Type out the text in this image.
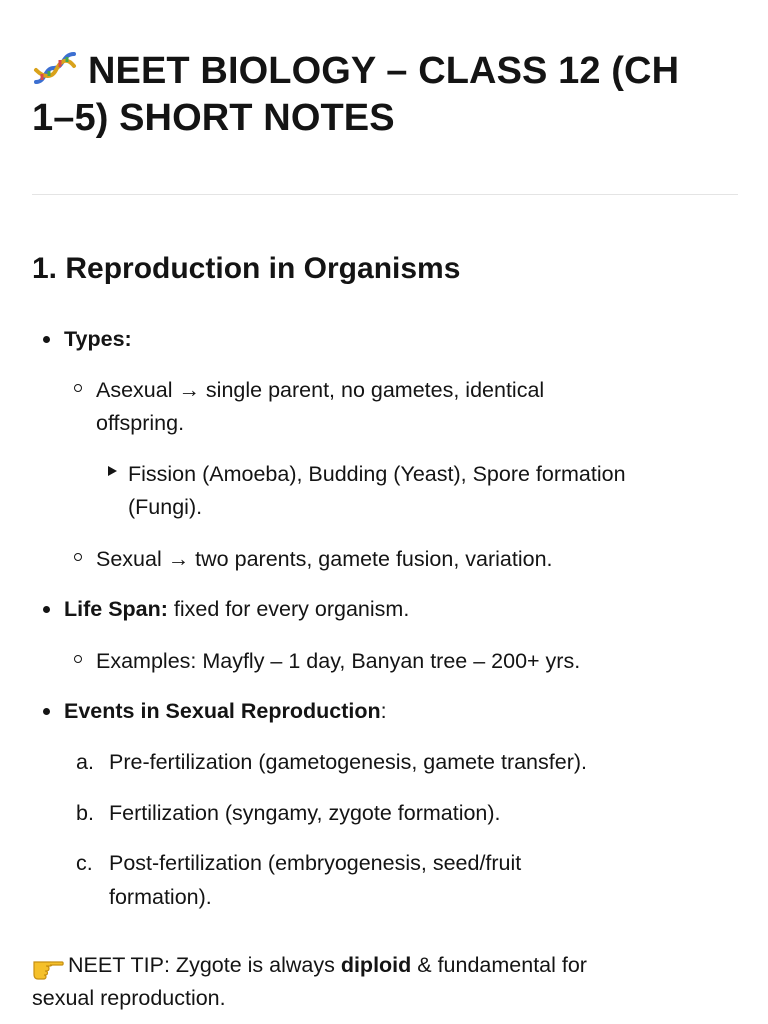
NEET BIOLOGY – CLASS 12 (CH
1–5) SHORT NOTES
1. Reproduction in Organisms
Types:
Asexual → single parent, no gametes, identical
offspring.
Fission (Amoeba), Budding (Yeast), Spore formation
(Fungi).
Sexual → two parents, gamete fusion, variation.
Life Span: fixed for every organism.
Examples: Mayfly – 1 day, Banyan tree – 200+ yrs.
Events in Sexual Reproduction:
a. Pre-fertilization (gametogenesis, gamete transfer).
b. Fertilization (syngamy, zygote formation).
c. Post-fertilization (embryogenesis, seed/fruit
formation).
NEET TIP: Zygote is always diploid & fundamental for
sexual reproduction.
